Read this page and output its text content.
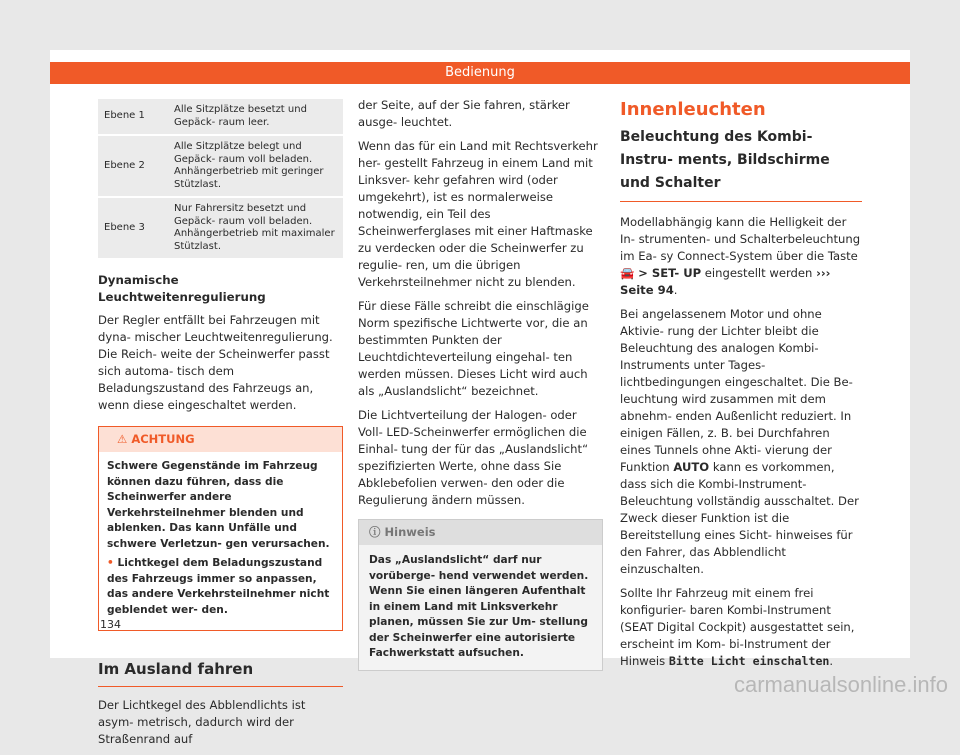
Bedienung
Ebene 1	Alle Sitzplätze besetzt und Gepäck- raum leer.
Ebene 2	Alle Sitzplätze belegt und Gepäck- raum voll beladen. Anhängerbetrieb mit geringer Stützlast.
Ebene 3	Nur Fahrersitz besetzt und Gepäck- raum voll beladen. Anhängerbetrieb mit maximaler Stützlast.
Dynamische Leuchtweitenregulierung

Der Regler entfällt bei Fahrzeugen mit dyna- mischer Leuchtweitenregulierung. Die Reich- weite der Scheinwerfer passt sich automa- tisch dem Beladungszustand des Fahrzeugs an, wenn diese eingeschaltet werden.

⚠ ACHTUNG

Schwere Gegenstände im Fahrzeug können dazu führen, dass die Scheinwerfer andere Verkehrsteilnehmer blenden und ablenken. Das kann Unfälle und schwere Verletzun- gen verursachen.

• Lichtkegel dem Beladungszustand des Fahrzeugs immer so anpassen, das andere Verkehrsteilnehmer nicht geblendet wer- den.

Im Ausland fahren

Der Lichtkegel des Abblendlichts ist asym- metrisch, dadurch wird der Straßenrand auf

der Seite, auf der Sie fahren, stärker ausge- leuchtet.

Wenn das für ein Land mit Rechtsverkehr her- gestellt Fahrzeug in einem Land mit Linksver- kehr gefahren wird (oder umgekehrt), ist es normalerweise notwendig, ein Teil des Scheinwerferglases mit einer Haftmaske zu verdecken oder die Scheinwerfer zu regulie- ren, um die übrigen Verkehrsteilnehmer nicht zu blenden.

Für diese Fälle schreibt die einschlägige Norm spezifische Lichtwerte vor, die an bestimmten Punkten der Leuchtdichteverteilung eingehal- ten werden müssen. Dieses Licht wird auch als „Auslandslicht“ bezeichnet.

Die Lichtverteilung der Halogen- oder Voll- LED-Scheinwerfer ermöglichen die Einhal- tung der für das „Auslandslicht“ spezifizierten Werte, ohne dass Sie Abklebefolien verwen- den oder die Regulierung ändern müssen.

ⓘ Hinweis
Das „Auslandslicht“ darf nur vorüberge- hend verwendet werden. Wenn Sie einen längeren Aufenthalt in einem Land mit Linksverkehr planen, müssen Sie zur Um- stellung der Scheinwerfer eine autorisierte Fachwerkstatt aufsuchen.
Innenleuchten
Beleuchtung des Kombi-Instru- ments, Bildschirme und Schalter

Modellabhängig kann die Helligkeit der In- strumenten- und Schalterbeleuchtung im Ea- sy Connect-System über die Taste 🚘 > SET- UP eingestellt werden ››› Seite 94.

Bei angelassenem Motor und ohne Aktivie- rung der Lichter bleibt die Beleuchtung des analogen Kombi-Instruments unter Tages- lichtbedingungen eingeschaltet. Die Be- leuchtung wird zusammen mit dem abnehm- enden Außenlicht reduziert. In einigen Fällen, z. B. bei Durchfahren eines Tunnels ohne Akti- vierung der Funktion AUTO kann es vorkommen, dass sich die Kombi-Instrument-Beleuchtung vollständig ausschaltet. Der Zweck dieser Funktion ist die Bereitstellung eines Sicht- hinweises für den Fahrer, das Abblendlicht einzuschalten.

Sollte Ihr Fahrzeug mit einem frei konfigurier- baren Kombi-Instrument (SEAT Digital Cockpit) ausgestattet sein, erscheint im Kom- bi-Instrument der Hinweis Bitte Licht einschalten.

134
carmanualsonline.info
